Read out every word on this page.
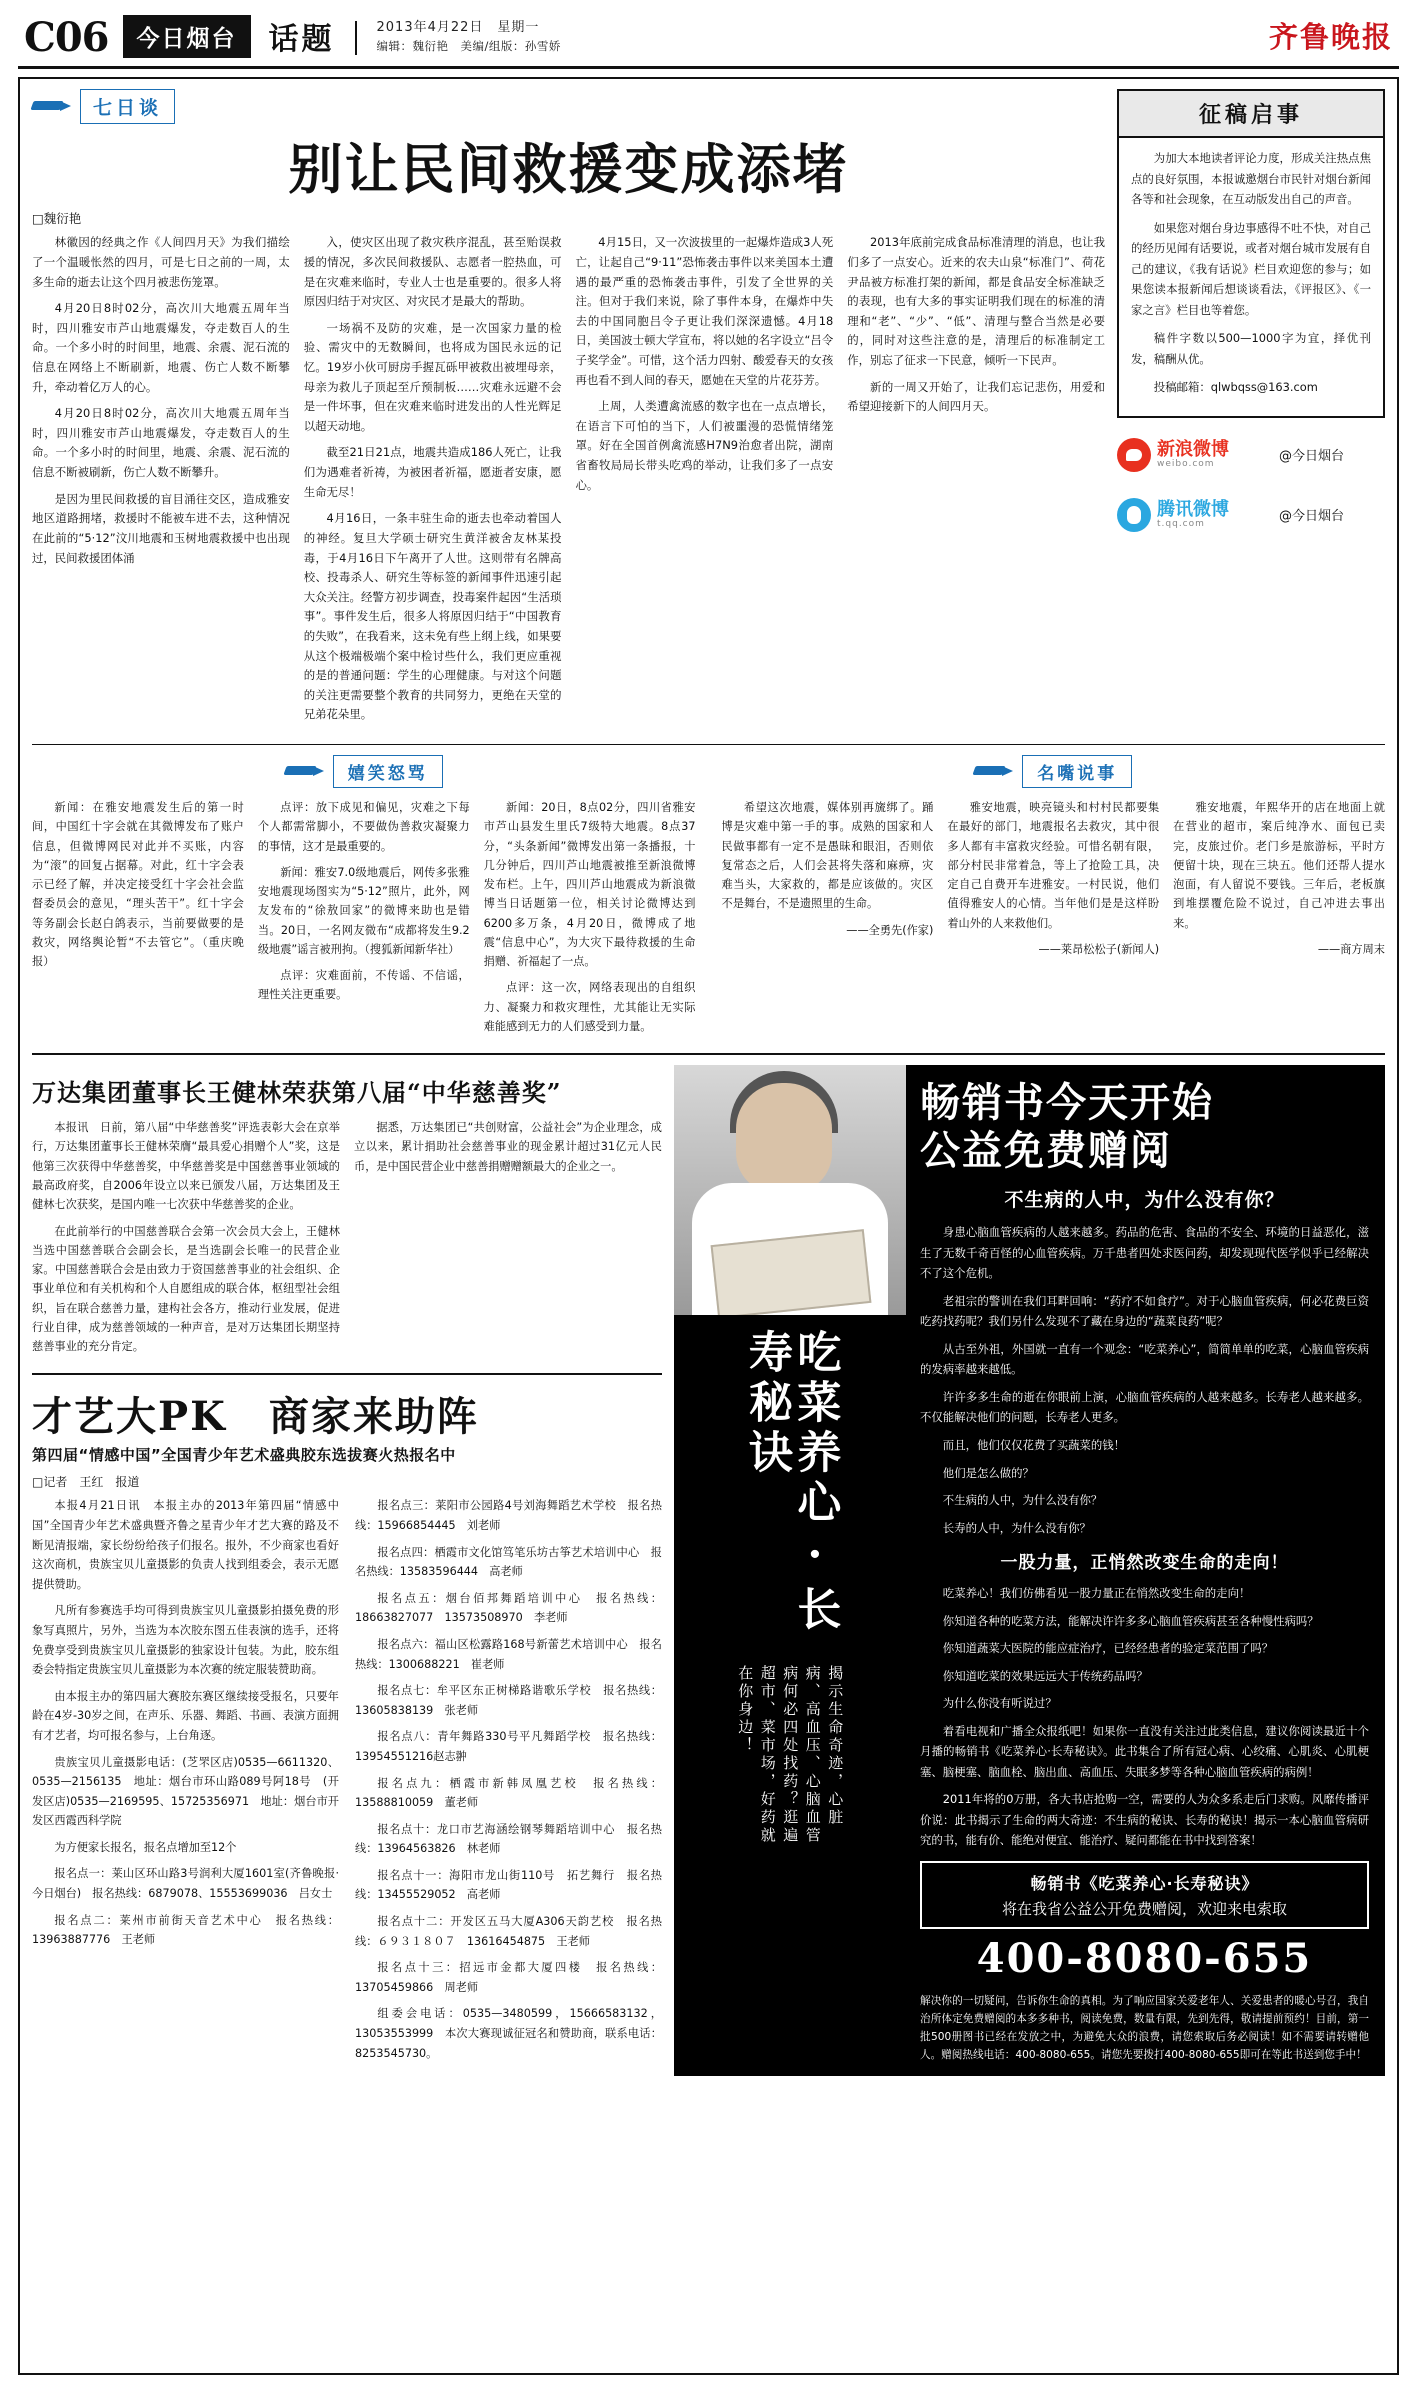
C06	今日烟台	话题	2013年4月22日　 星期一
编辑：魏衍艳　美编/组版：孙雪娇	齐鲁晚报
七日谈
别让民间救援变成添堵
□魏衍艳

林徽因的经典之作《人间四月天》为我们描绘了一个温暖怅然的四月，可是七日之前的一周，太多生命的逝去让这个四月被悲伤笼罩。

4月20日8时02分，高次川大地震五周年当时，四川雅安市芦山地震爆发，夺走数百人的生命。一个多小时的时间里，地震、余震、泥石流的信息在网络上不断刷新，地震、伤亡人数不断攀升，牵动着亿万人的心。

4月20日8时02分，高次川大地震五周年当时，四川雅安市芦山地震爆发，夺走数百人的生命。一个多小时的时间里，地震、余震、泥石流的信息不断被刷新，伤亡人数不断攀升。

是因为里民间救援的盲目涌往交区，造成雅安地区道路拥堵，救援时不能被车进不去，这种情况在此前的“5·12”汶川地震和玉树地震救援中也出现过，民间救援团体涌

入，使灾区出现了救灾秩序混乱，甚至贻误救援的情况，多次民间救援队、志愿者一腔热血，可是在灾难来临时，专业人士也是重要的。很多人将原因归结于对灾区、对灾民才是最大的帮助。

一场祸不及防的灾难，是一次国家力量的检验、需灾中的无数瞬间，也将成为国民永远的记忆。19岁小伙可厨房手握瓦砾甲被救出被埋母亲，母亲为救儿子顶起至斤预制板……灾难永远避不会是一件坏事，但在灾难来临时进发出的人性光辉足以超天动地。

截至21日21点，地震共造成186人死亡，让我们为遇难者祈祷，为被困者祈福，愿逝者安康，愿生命无尽！

4月16日，一条丰驻生命的逝去也牵动着国人的神经。复旦大学硕士研究生黄洋被舍友林某投毒，于4月16日下午离开了人世。这则带有名牌高校、投毒杀人、研究生等标签的新闻事件迅速引起大众关注。经警方初步调查，投毒案件起因“生活琐事”。事件发生后，很多人将原因归结于“中国教育的失败”，在我看来，这未免有些上纲上线，如果要从这个极端极端个案中检讨些什么，我们更应重视的是的普通问题：学生的心理健康。与对这个问题的关注更需要整个教育的共同努力，更绝在天堂的兄弟花朵里。

4月15日，又一次波拔里的一起爆炸造成3人死亡，让起自己“9·11”恐怖袭击事件以来美国本土遭遇的最严重的恐怖袭击事件，引发了全世界的关注。但对于我们来说，除了事件本身，在爆炸中失去的中国同胞吕令子更让我们深深遗憾。4月18日，美国波士顿大学宣布，将以她的名字设立“吕令子奖学金”。可惜，这个活力四射、酸爱春天的女孩再也看不到人间的春天，愿她在天堂的片花芬芳。

上周，人类遭禽流感的数字也在一点点增长，在语言下可怕的当下，人们被噩漫的恐慌情绪笼罩。好在全国首例禽流感H7N9治愈者出院，湖南省畜牧局局长带头吃鸡的举动，让我们多了一点安心。

2013年底前完成食品标准清理的消息，也让我们多了一点安心。近来的农夫山泉“标准门”、荷花尹品被方标准打架的新闻，都是食品安全标准缺乏的表现，也有大多的事实证明我们现在的标准的清理和“老”、“少”、“低”、清理与整合当然是必要的，同时对这些注意的是，清理后的标准制定工作，别忘了征求一下民意，倾听一下民声。

新的一周又开始了，让我们忘记悲伤，用爱和希望迎接新下的人间四月天。

征稿启事

为加大本地读者评论力度，形成关注热点焦点的良好氛围，本报诚邀烟台市民针对烟台新闻各等和社会现象，在互动版发出自己的声音。

如果您对烟台身边事感得不吐不快，对自己的经历见闻有话要说，或者对烟台城市发展有自己的建议，《我有话说》栏目欢迎您的参与；如果您读本报新闻后想谈谈看法，《评报区》、《一家之言》栏目也等着您。

稿件字数以500—1000字为宜，择优刊发，稿酬从优。

投稿邮箱：qlwbqss@163.com

新浪微博
weibo.com	@今日烟台
腾讯微博
t.qq.com	@今日烟台
嬉笑怒骂

新闻：在雅安地震发生后的第一时间，中国红十字会就在其微博发布了账户信息，但微博网民对此并不买账，内容为“滚”的回复占据幕。对此，红十字会表示已经了解，并决定接受红十字会社会监督委员会的意见，“理头苦干”。红十字会等务副会长赵白鸽表示，当前要做要的是救灾，网络舆论暂“不去管它”。（重庆晚报）

点评：放下成见和偏见，灾难之下每个人都需常脚小，不要做伪善救灾凝聚力的事情，这才是最重要的。

新闻：雅安7.0级地震后，网传多张雅安地震现场图实为“5·12”照片，此外，网友发布的“徐敖回家”的微博来助也是错当。20日，一名网友微布“成都将发生9.2级地震”谣言被刑拘。（搜狐新闻新华社）

点评：灾难面前，不传谣、不信谣，理性关注更重要。

新闻：20日，8点02分，四川省雅安市芦山县发生里氏7级特大地震。8点37分，“头条新闻”微博发出第一条播报，十几分钟后，四川芦山地震被推至新浪微博发布栏。上午，四川芦山地震成为新浪微博当日话题第一位，相关讨论微博达到6200多万条，4月20日，微博成了地震“信息中心”，为大灾下最待救援的生命捐赠、祈福起了一点。

点评：这一次，网络表现出的自组织力、凝聚力和救灾理性，尤其能让无实际难能感到无力的人们感受到力量。

名嘴说事

希望这次地震，媒体别再旒绑了。踊博是灾难中第一手的事。成熟的国家和人民做事都有一定不是愚昧和眼泪，否则依复常态之后，人们会甚将失落和麻痹，灾难当头，大家救的，都是应该做的。灾区不是舞台，不是遗照里的生命。

——全勇先(作家)

雅安地震，映亮镜头和村村民都要集在最好的部门，地震报名去救灾，其中很多人都有丰富救灾经验。可惜名朝有限，部分村民非常着急，等上了抢险工具，决定自己自费开车进雅安。一村民说，他们值得雅安人的心情。当年他们是是这样盼着山外的人来救他们。

——莱昂松松子(新闻人)

雅安地震，年熙华开的店在地面上就在营业的超市，案后纯净水、面包已卖完，皮旅过价。老门乡是旅游标，平时方便留十块，现在三块五。他们还帮人提水泡面，有人留说不要钱。三年后，老板旗到堆摆覆危险不说过，自己冲进去事出来。

——商方周末
万达集团董事长王健林荣获第八届“中华慈善奖”

本报讯　日前，第八届“中华慈善奖”评选表彰大会在京举行，万达集团董事长王健林荣膺“最具爱心捐赠个人”奖，这是他第三次获得中华慈善奖，中华慈善奖是中国慈善事业领域的最高政府奖，自2006年设立以来已颁发八届，万达集团及王健林七次获奖，是国内唯一七次获中华慈善奖的企业。

在此前举行的中国慈善联合会第一次会员大会上，王健林当选中国慈善联合会副会长，是当选副会长唯一的民营企业家。中国慈善联合会是由致力于资国慈善事业的社会组织、企事业单位和有关机构和个人自愿组成的联合体，枢纽型社会组织，旨在联合慈善力量，建构社会各方，推动行业发展，促进行业自律，成为慈善领域的一种声音，是对万达集团长期坚持慈善事业的充分肯定。

据悉，万达集团已“共创财富，公益社会”为企业理念，成立以来，累计捐助社会慈善事业的现金累计超过31亿元人民币，是中国民营企业中慈善捐赠赠额最大的企业之一。

才艺大PK　商家来助阵
第四届“情感中国”全国青少年艺术盛典胶东选拔赛火热报名中
□记者　王红　报道

本报4月21日讯　本报主办的2013年第四届“情感中国”全国青少年艺术盛典暨齐鲁之星青少年才艺大赛的路及不断见清报端，家长纷纷给孩子们报名。报外，不少商家也看好这次商机，贵族宝贝儿童摄影的负责人找到组委会，表示无愿提供赞助。

凡所有参赛选手均可得到贵族宝贝儿童摄影拍摄免费的形象写真照片，另外，当选为本次胶东图五佳表演的选手，还将免费享受到贵族宝贝儿童摄影的独家设计包装。为此，胶东组委会特指定贵族宝贝儿童摄影为本次赛的统定服装赞助商。

由本报主办的第四届大赛胶东赛区继续接受报名，只要年龄在4岁-30岁之间，在声乐、乐器、舞蹈、书画、表演方面拥有才艺者，均可报名参与，上台角逐。

贵族宝贝儿童摄影电话：(芝罘区店)0535—6611320、0535—2156135　地址：烟台市环山路089号阿18号　(开发区店)0535—2169595、15725356971　地址：烟台市开发区西霞西科学院

为方便家长报名，报名点增加至12个

报名点一：莱山区环山路3号润利大厦1601室(齐鲁晚报·今日烟台)　报名热线：6879078、15553699036　吕女士

报名点二：莱州市前街天音艺术中心　报名热线：13963887776　王老师

报名点三：莱阳市公园路4号刘海舞蹈艺术学校　报名热线：15966854445　刘老师

报名点四：栖霞市文化馆笃笔乐坊古筝艺术培训中心　报名热线：13583596444　高老师

报名点五：烟台佰邦舞蹈培训中心　报名热线：18663827077　13573508970　李老师

报名点六：福山区松露路168号新蕾艺术培训中心　报名热线：1300688221　崔老师

报名点七：牟平区东正树梯路谐歌乐学校　报名热线：13605838139　张老师

报名点八：青年舞路330号平凡舞蹈学校　报名热线：13954551216赵志翀

报名点九：栖霞市新韩凤凰艺校　报名热线：13588810059　董老师

报名点十：龙口市艺海涵绘钢琴舞蹈培训中心　报名热线：13964563826　林老师

报名点十一：海阳市龙山街110号　拓艺舞行　报名热线：13455529052　高老师

报名点十二：开发区五马大厦A306天韵艺校　报名热线：６９３１８０７　13616454875　王老师

报名点十三：招远市金都大厦四楼　报名热线：13705459866　周老师

组委会电话：0535—3480599，15666583132，13053553999　本次大赛现诚征冠名和赞助商，联系电话：8253545730。

吃菜养心·长寿秘诀
揭示生命奇迹，心脏病、高血压、心脑血管病何必四处找药？逛遍超市、菜市场，好药就在你身边！
畅销书今天开始
公益免费赠阅
不生病的人中，为什么没有你？

身患心脑血管疾病的人越来越多。药品的危害、食品的不安全、环境的日益恶化，滋生了无数千奇百怪的心血管疾病。万千患者四处求医问药，却发现现代医学似乎已经解决不了这个危机。

老祖宗的警训在我们耳畔回响：“药疗不如食疗”。对于心脑血管疾病，何必花费巨资吃药找药呢？我们另什么发现不了藏在身边的“蔬菜良药”呢？

从古至外祖，外国就一直有一个观念：“吃菜养心”，简简单单的吃菜，心脑血管疾病的发病率越来越低。

许许多多生命的逝在你眼前上演，心脑血管疾病的人越来越多。长寿老人越来越多。不仅能解决他们的问题，长寿老人更多。

而且，他们仅仅花费了买蔬菜的钱！

他们是怎么做的？

不生病的人中，为什么没有你？

长寿的人中，为什么没有你？

一股力量，正悄然改变生命的走向！

吃菜养心！我们仿佛看见一股力量正在悄然改变生命的走向！

你知道各种的吃菜方法，能解决许许多多心脑血管疾病甚至各种慢性病吗？

你知道蔬菜大医院的能应症治疗，已经经患者的验定菜范围了吗？

你知道吃菜的效果远远大于传统药品吗？

为什么你没有听说过？

着看电视和广播全众报纸吧！如果你一直没有关注过此类信息，建议你阅读最近十个月播的畅销书《吃菜养心·长寿秘诀》。此书集合了所有冠心病、心绞痛、心肌炎、心肌梗塞、脑梗塞、脑血栓、脑出血、高血压、失眠多梦等各种心脑血管疾病的病例！

2011年将的0万册，各大书店抢购一空，需要的人为众多系走后门求购。风靡传播评价说：此书揭示了生命的两大奇迹：不生病的秘诀、长寿的秘诀！揭示一本心脑血管病研究的书，能有价、能绝对便宜、能治疗、疑问都能在书中找到答案！

畅销书《吃菜养心·长寿秘诀》
将在我省公益公开免费赠阅，欢迎来电索取
400-8080-655
解决你的一切疑问，告诉你生命的真相。为了响应国家关爱老年人、关爱患者的暖心号召，我自治所体定免费赠阅的本多多种书，阅读免费，数量有限，先到先得，敬请提前预约！目前，第一批500册图书已经在发放之中，为避免大众的浪费，请您索取后务必阅读！如不需要请转赠他人。赠阅热线电话：400-8080-655。请您先要拨打400-8080-655即可在等此书送到您手中！
